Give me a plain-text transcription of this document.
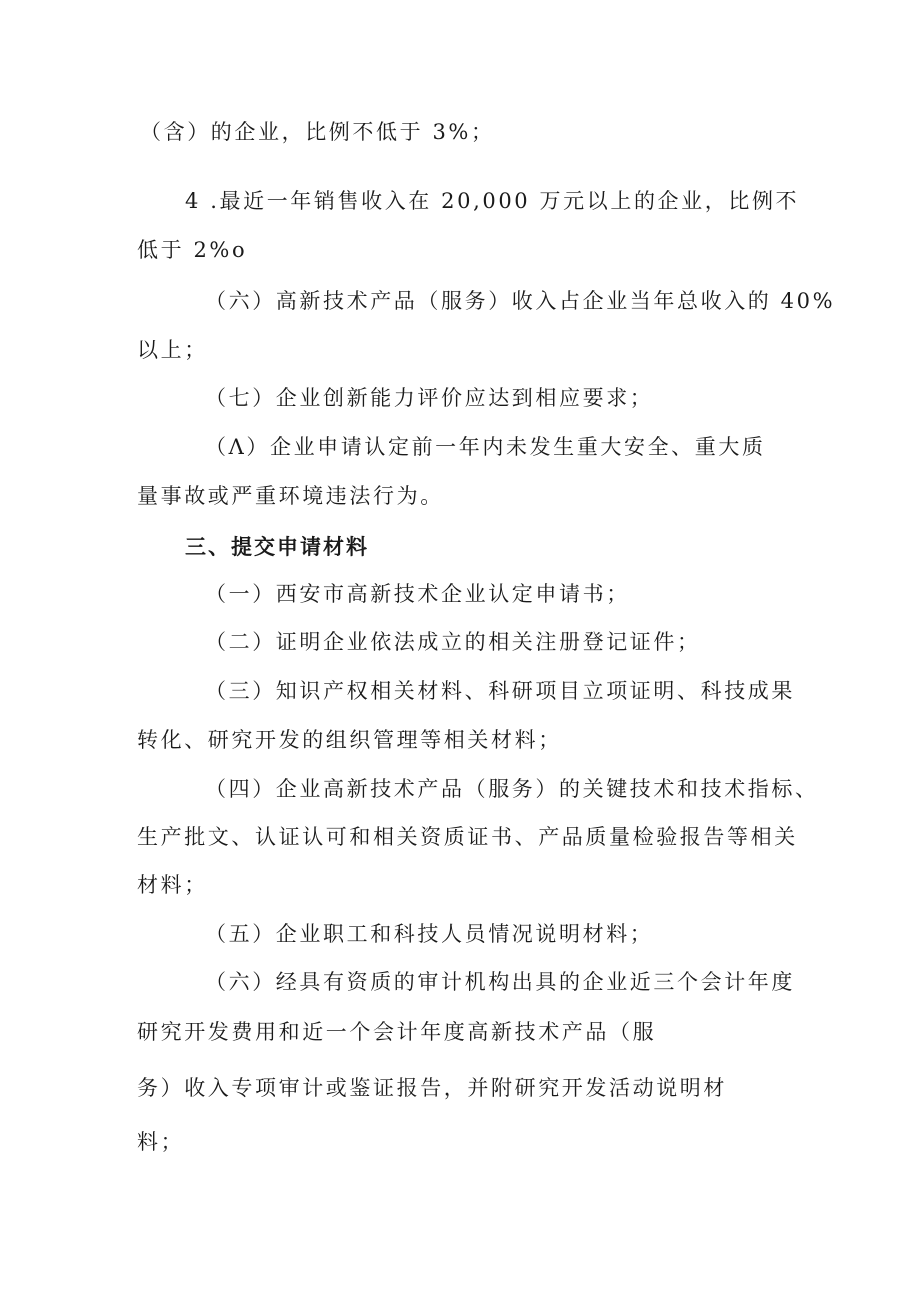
（含）的企业，比例不低于 3%；

4 .最近一年销售收入在 20,000 万元以上的企业，比例不

低于 2%o

（六）高新技术产品（服务）收入占企业当年总收入的 40%

以上；

（七）企业创新能力评价应达到相应要求；

（Λ）企业申请认定前一年内未发生重大安全、重大质

量事故或严重环境违法行为。

三、提交申请材料

（一）西安市高新技术企业认定申请书；

（二）证明企业依法成立的相关注册登记证件；

（三）知识产权相关材料、科研项目立项证明、科技成果

转化、研究开发的组织管理等相关材料；

（四）企业高新技术产品（服务）的关键技术和技术指标、

生产批文、认证认可和相关资质证书、产品质量检验报告等相关

材料；

（五）企业职工和科技人员情况说明材料；

（六）经具有资质的审计机构出具的企业近三个会计年度

研究开发费用和近一个会计年度高新技术产品（服

务）收入专项审计或鉴证报告，并附研究开发活动说明材

料；
